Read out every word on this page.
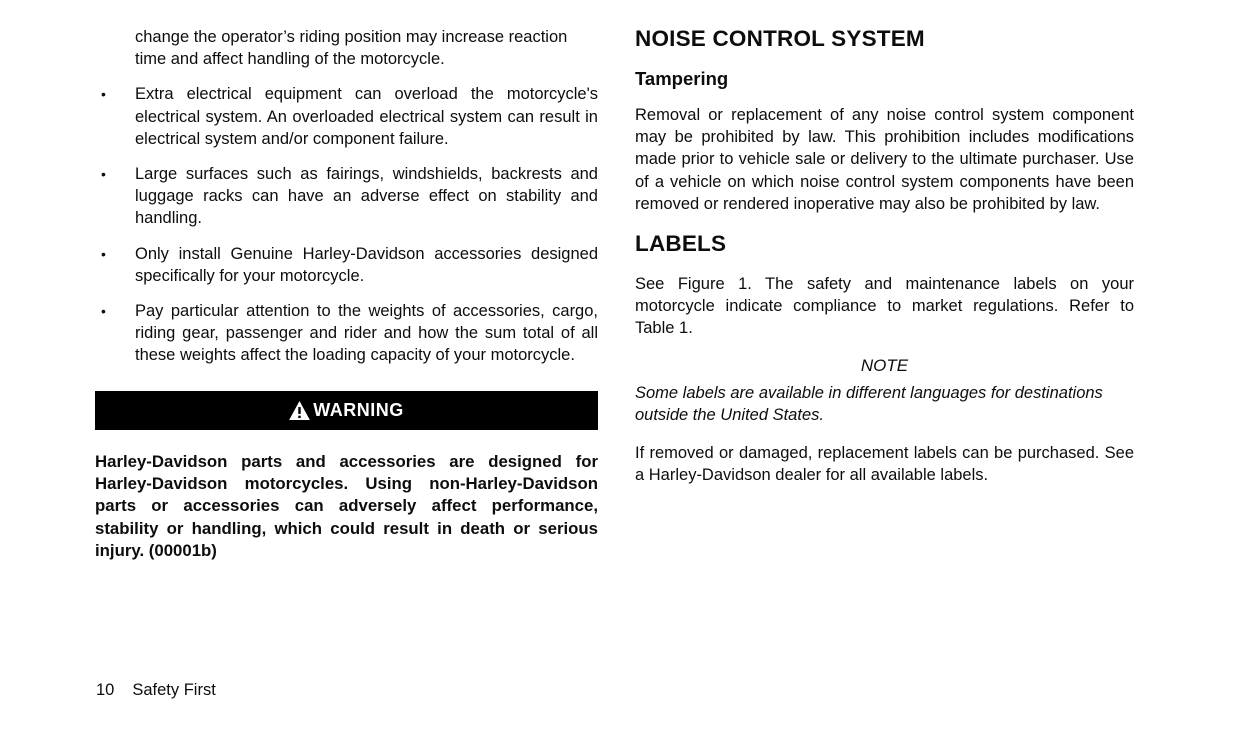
change the operator’s riding position may increase reaction time and affect handling of the motorcycle.

•	Extra electrical equipment can overload the motorcycle's electrical system. An overloaded electrical system can result in electrical system and/or component failure.
•	Large surfaces such as fairings, windshields, backrests and luggage racks can have an adverse effect on stability and handling.
•	Only install Genuine Harley-Davidson accessories designed specifically for your motorcycle.
•	Pay particular attention to the weights of accessories, cargo, riding gear, passenger and rider and how the sum total of all these weights affect the loading capacity of your motorcycle.
WARNING

Harley-Davidson parts and accessories are designed for Harley-Davidson motorcycles. Using non-Harley-Davidson parts or accessories can adversely affect performance, stability or handling, which could result in death or serious injury. (00001b)

NOISE CONTROL SYSTEM
Tampering

Removal or replacement of any noise control system component may be prohibited by law. This prohibition includes modifications made prior to vehicle sale or delivery to the ultimate purchaser. Use of a vehicle on which noise control system components have been removed or rendered inoperative may also be prohibited by law.

LABELS

See Figure 1. The safety and maintenance labels on your motorcycle indicate compliance to market regulations. Refer to Table 1.

NOTE

Some labels are available in different languages for destinations outside the United States.

If removed or damaged, replacement labels can be purchased. See a Harley-Davidson dealer for all available labels.

10 Safety First
